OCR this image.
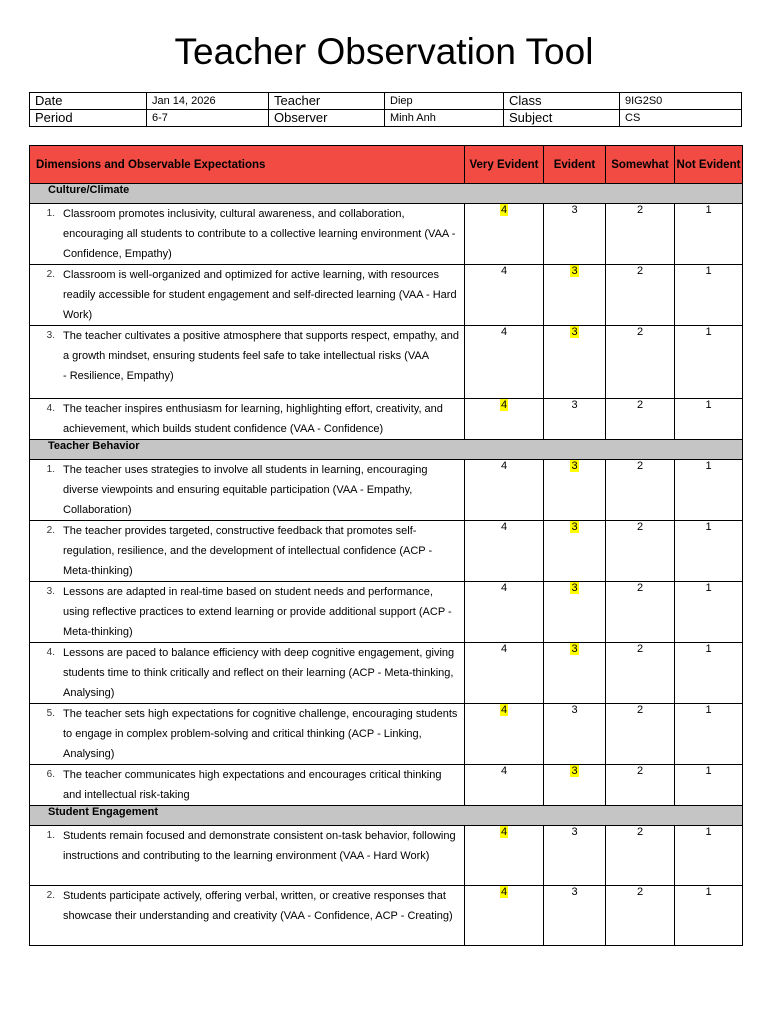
Teacher Observation Tool
Date	Jan 14, 2026	Teacher	Diep	Class	9IG2S0
Period	6-7	Observer	Minh Anh	Subject	CS
Dimensions and Observable Expectations	Very Evident	Evident	Somewhat	Not Evident
Culture/Climate				

1. Classroom promotes inclusivity, cultural awareness, and collaboration, encouraging all students to contribute to a collective learning environment (VAA - Confidence, Empathy)	4	3	2	1

2. Classroom is well-organized and optimized for active learning, with resources readily accessible for student engagement and self-directed learning (VAA - Hard Work)	4	3	2	1

3. The teacher cultivates a positive atmosphere that supports respect, empathy, and a growth mindset, ensuring students feel safe to take intellectual risks (VAA
- Resilience, Empathy)	4	3	2	1

4. The teacher inspires enthusiasm for learning, highlighting effort, creativity, and achievement, which builds student confidence (VAA - Confidence)	4	3	2	1
Teacher Behavior				

1. The teacher uses strategies to involve all students in learning, encouraging diverse viewpoints and ensuring equitable participation (VAA - Empathy, Collaboration)	4	3	2	1

2. The teacher provides targeted, constructive feedback that promotes self-regulation, resilience, and the development of intellectual confidence (ACP - Meta-thinking)	4	3	2	1

3. Lessons are adapted in real-time based on student needs and performance, using reflective practices to extend learning or provide additional support (ACP - Meta-thinking)	4	3	2	1

4. Lessons are paced to balance efficiency with deep cognitive engagement, giving students time to think critically and reflect on their learning (ACP - Meta-thinking, Analysing)	4	3	2	1

5. The teacher sets high expectations for cognitive challenge, encouraging students to engage in complex problem-solving and critical thinking (ACP - Linking, Analysing)	4	3	2	1

6. The teacher communicates high expectations and encourages critical thinking and intellectual risk-taking	4	3	2	1
Student Engagement				

1. Students remain focused and demonstrate consistent on-task behavior, following instructions and contributing to the learning environment (VAA - Hard Work)	4	3	2	1

2. Students participate actively, offering verbal, written, or creative responses that showcase their understanding and creativity (VAA - Confidence, ACP - Creating)	4	3	2	1
